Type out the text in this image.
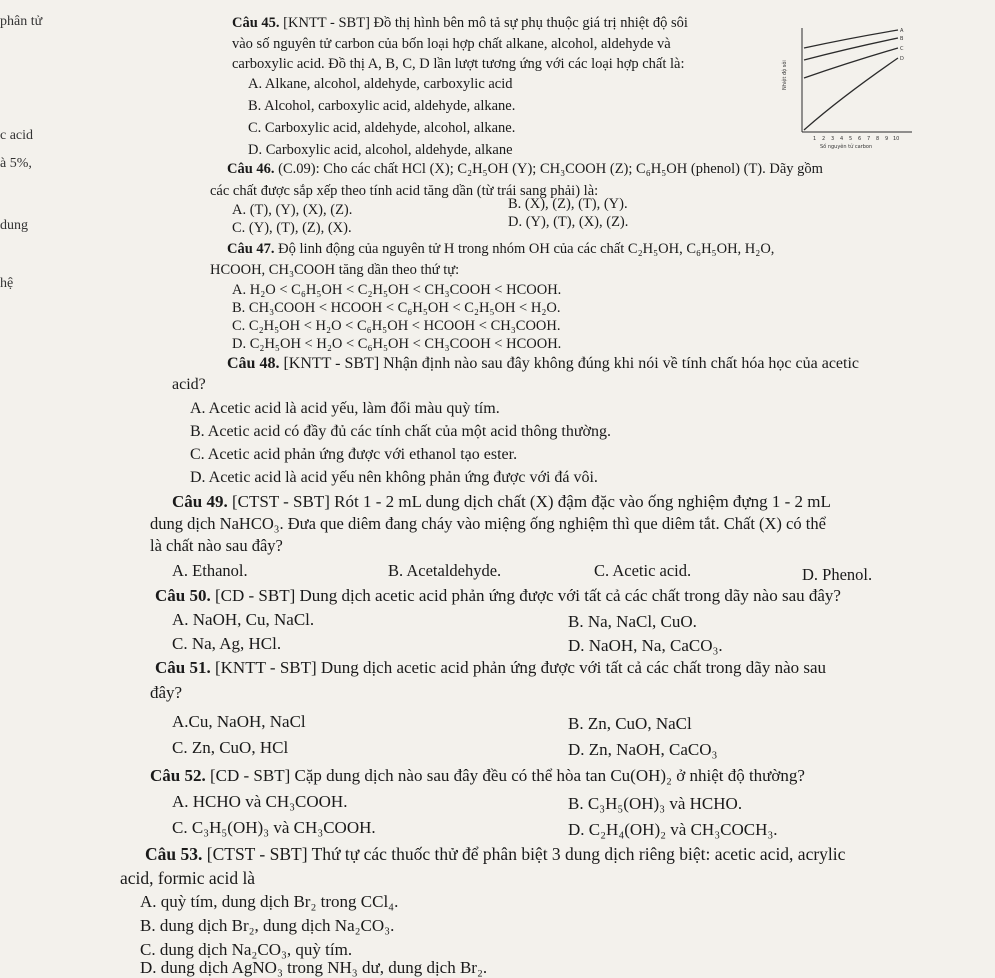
phân tử
c acid
à 5%,
dung
hệ
Câu 45. [KNTT - SBT] Đồ thị hình bên mô tả sự phụ thuộc giá trị nhiệt độ sôi
vào số nguyên tử carbon của bốn loại hợp chất alkane, alcohol, aldehyde và
carboxylic acid. Đồ thị A, B, C, D lần lượt tương ứng với các loại hợp chất là:
A. Alkane, alcohol, aldehyde, carboxylic acid
B. Alcohol, carboxylic acid, aldehyde, alkane.
C. Carboxylic acid, aldehyde, alcohol, alkane.
D. Carboxylic acid, alcohol, aldehyde, alkane
A
B
C
D
1 2 3 4 5 6 7 8 9 10
Số nguyên tử carbon
Nhiệt độ sôi
Câu 46. (C.09): Cho các chất HCl (X); C₂H₅OH (Y); CH₃COOH (Z); C₆H₅OH (phenol) (T). Dãy gồm
các chất được sắp xếp theo tính acid tăng dần (từ trái sang phải) là:
A. (T), (Y), (X), (Z).	B. (X), (Z), (T), (Y).
C. (Y), (T), (Z), (X).	D. (Y), (T), (X), (Z).
Câu 47. Độ linh động của nguyên tử H trong nhóm OH của các chất C₂H₅OH, C₆H₅OH, H₂O,
HCOOH, CH₃COOH tăng dần theo thứ tự:
A. H₂O < C₆H₅OH < C₂H₅OH < CH₃COOH < HCOOH.
B. CH₃COOH < HCOOH < C₆H₅OH < C₂H₅OH < H₂O.
C. C₂H₅OH < H₂O < C₆H₅OH < HCOOH < CH₃COOH.
D. C₂H₅OH < H₂O < C₆H₅OH < CH₃COOH < HCOOH.
Câu 48. [KNTT - SBT] Nhận định nào sau đây không đúng khi nói về tính chất hóa học của acetic
acid?
A. Acetic acid là acid yếu, làm đổi màu quỳ tím.
B. Acetic acid có đầy đủ các tính chất của một acid thông thường.
C. Acetic acid phản ứng được với ethanol tạo ester.
D. Acetic acid là acid yếu nên không phản ứng được với đá vôi.
Câu 49. [CTST - SBT] Rót 1 - 2 mL dung dịch chất (X) đậm đặc vào ống nghiệm đựng 1 - 2 mL
dung dịch NaHCO₃. Đưa que diêm đang cháy vào miệng ống nghiệm thì que diêm tắt. Chất (X) có thể
là chất nào sau đây?
A. Ethanol.	B. Acetaldehyde.	C. Acetic acid.	D. Phenol.
Câu 50. [CD - SBT] Dung dịch acetic acid phản ứng được với tất cả các chất trong dãy nào sau đây?
A. NaOH, Cu, NaCl.	B. Na, NaCl, CuO.
C. Na, Ag, HCl.	D. NaOH, Na, CaCO₃.
Câu 51. [KNTT - SBT] Dung dịch acetic acid phản ứng được với tất cả các chất trong dãy nào sau
đây?
A.Cu, NaOH, NaCl	B. Zn, CuO, NaCl
C. Zn, CuO, HCl	D. Zn, NaOH, CaCO₃
Câu 52. [CD - SBT] Cặp dung dịch nào sau đây đều có thể hòa tan Cu(OH)₂ ở nhiệt độ thường?
A. HCHO và CH₃COOH.	B. C₃H₅(OH)₃ và HCHO.
C. C₃H₅(OH)₃ và CH₃COOH.	D. C₂H₄(OH)₂ và CH₃COCH₃.
Câu 53. [CTST - SBT] Thứ tự các thuốc thử để phân biệt 3 dung dịch riêng biệt: acetic acid, acrylic
acid, formic acid là
A. quỳ tím, dung dịch Br₂ trong CCl₄.
B. dung dịch Br₂, dung dịch Na₂CO₃.
C. dung dịch Na₂CO₃, quỳ tím.
D. dung dịch AgNO₃ trong NH₃ dư, dung dịch Br₂.
